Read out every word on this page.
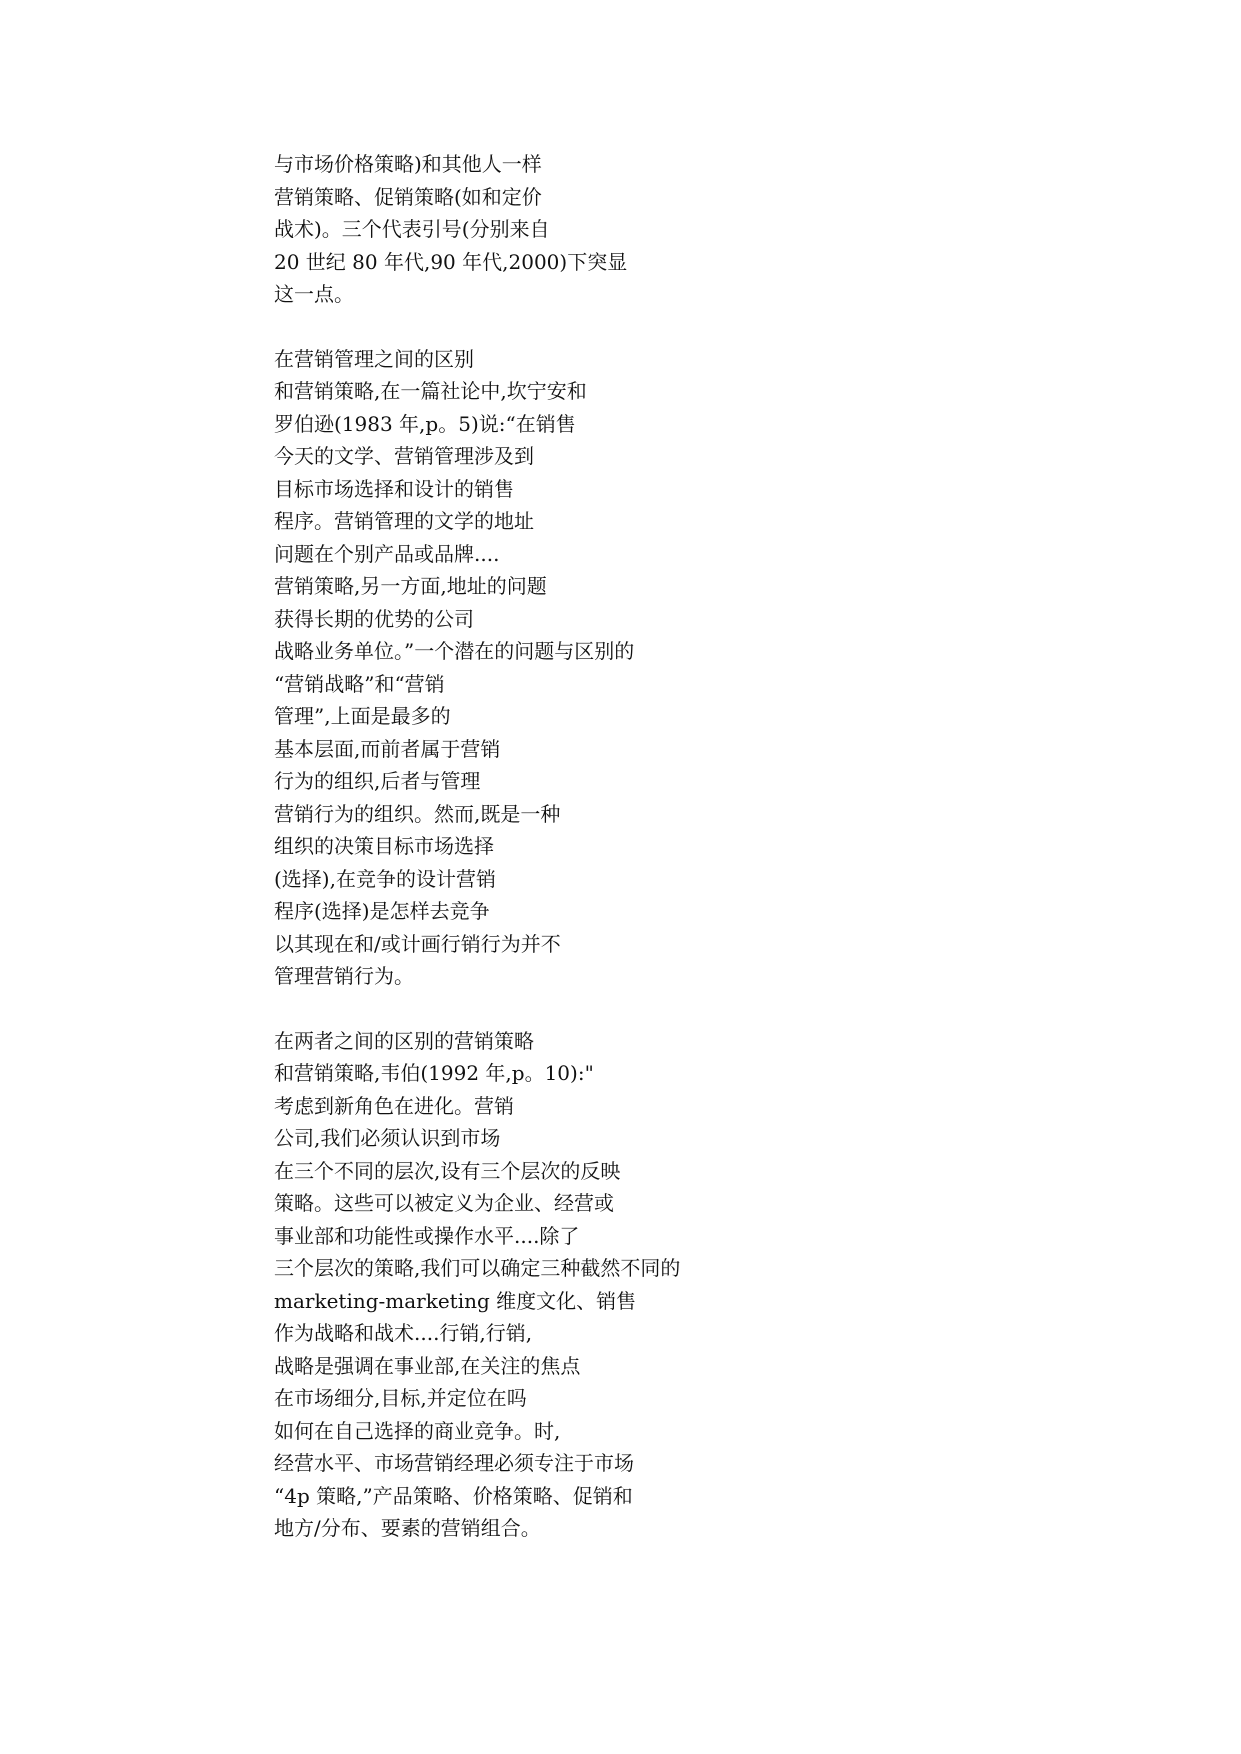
与市场价格策略)和其他人一样
营销策略、促销策略(如和定价
战术)。三个代表引号(分别来自
20 世纪 80 年代,90 年代,2000)下突显
这一点。
在营销管理之间的区别
和营销策略,在一篇社论中,坎宁安和
罗伯逊(1983 年,p。5)说:“在销售
今天的文学、营销管理涉及到
目标市场选择和设计的销售
程序。营销管理的文学的地址
问题在个别产品或品牌....
营销策略,另一方面,地址的问题
获得长期的优势的公司
战略业务单位。”一个潜在的问题与区别的
“营销战略”和“营销
管理”,上面是最多的
基本层面,而前者属于营销
行为的组织,后者与管理
营销行为的组织。然而,既是一种
组织的决策目标市场选择
(选择),在竞争的设计营销
程序(选择)是怎样去竞争
以其现在和/或计画行销行为并不
管理营销行为。
在两者之间的区别的营销策略
和营销策略,韦伯(1992 年,p。10):"
考虑到新角色在进化。营销
公司,我们必须认识到市场
在三个不同的层次,设有三个层次的反映
策略。这些可以被定义为企业、经营或
事业部和功能性或操作水平....除了
三个层次的策略,我们可以确定三种截然不同的
marketing-marketing 维度文化、销售
作为战略和战术....行销,行销,
战略是强调在事业部,在关注的焦点
在市场细分,目标,并定位在吗
如何在自己选择的商业竞争。时,
经营水平、市场营销经理必须专注于市场
“4p 策略,”产品策略、价格策略、促销和
地方/分布、要素的营销组合。
